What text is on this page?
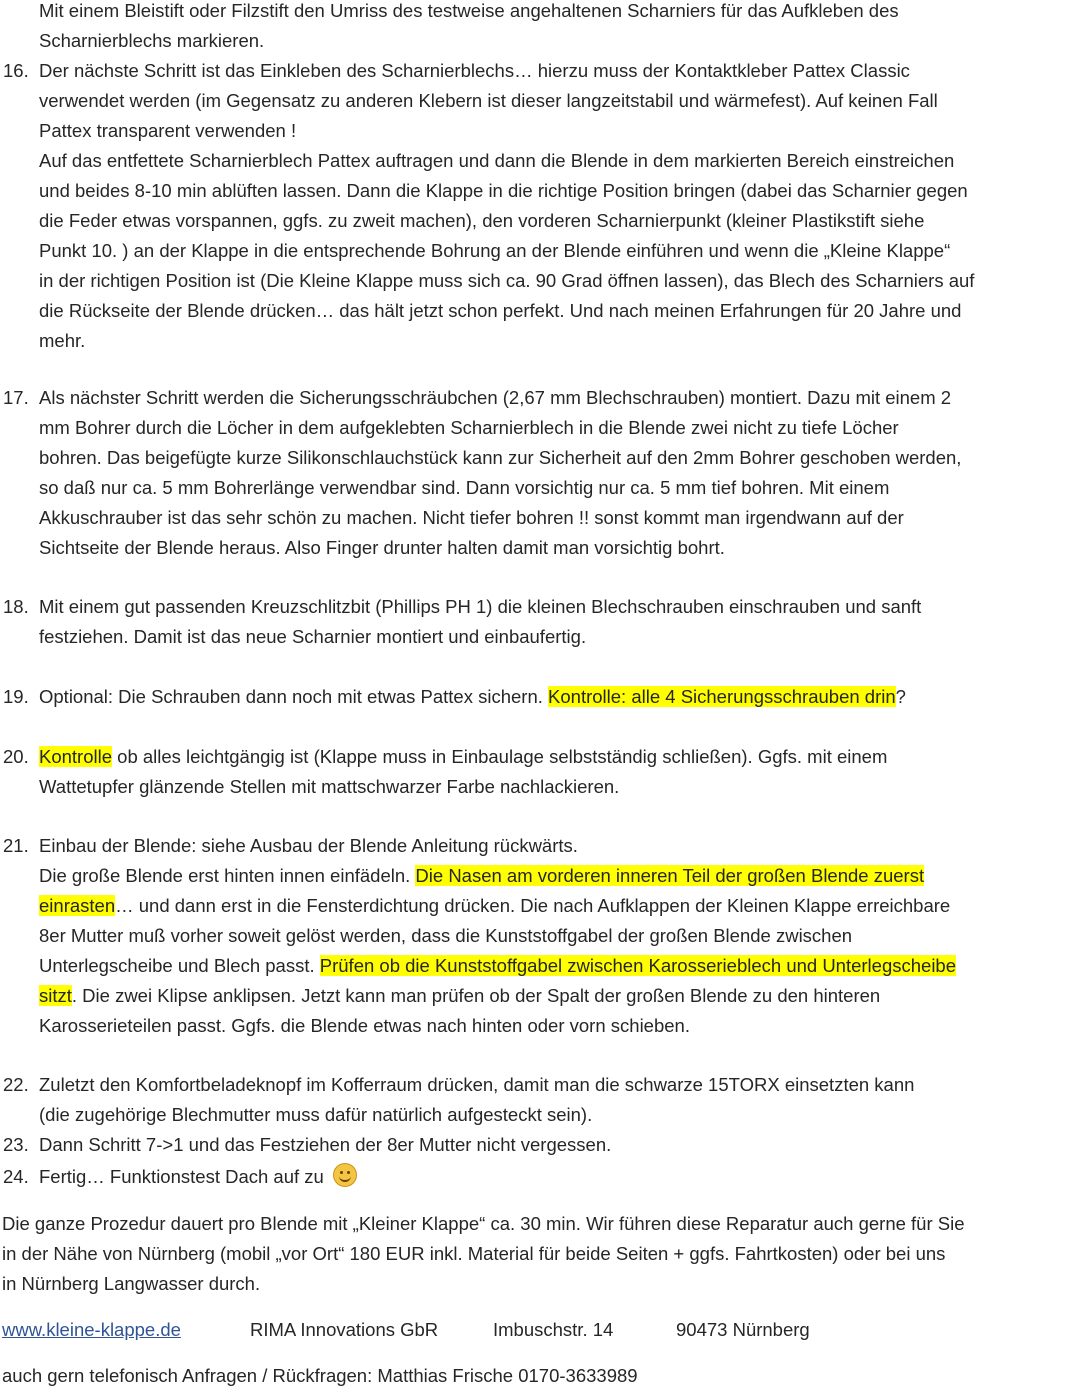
Mit einem Bleistift oder Filzstift den Umriss des testweise angehaltenen Scharniers für das Aufkleben des
Scharnierblechs markieren.
16. Der nächste Schritt ist das Einkleben des Scharnierblechs… hierzu muss der Kontaktkleber Pattex Classic
verwendet werden (im Gegensatz zu anderen Klebern ist dieser langzeitstabil und wärmefest). Auf keinen Fall
Pattex transparent verwenden !
Auf das entfettete Scharnierblech Pattex auftragen und dann die Blende in dem markierten Bereich einstreichen
und beides 8-10 min ablüften lassen. Dann die Klappe in die richtige Position bringen (dabei das Scharnier gegen
die Feder etwas vorspannen, ggfs. zu zweit machen), den vorderen Scharnierpunkt (kleiner Plastikstift siehe
Punkt 10. ) an der Klappe in die entsprechende Bohrung an der Blende einführen und wenn die „Kleine Klappe“
in der richtigen Position ist (Die Kleine Klappe muss sich ca. 90 Grad öffnen lassen), das Blech des Scharniers auf
die Rückseite der Blende drücken… das hält jetzt schon perfekt. Und nach meinen Erfahrungen für 20 Jahre und
mehr.
17. Als nächster Schritt werden die Sicherungsschräubchen (2,67 mm Blechschrauben) montiert. Dazu mit einem 2
mm Bohrer durch die Löcher in dem aufgeklebten Scharnierblech in die Blende zwei nicht zu tiefe Löcher
bohren. Das beigefügte kurze Silikonschlauchstück kann zur Sicherheit auf den 2mm Bohrer geschoben werden,
so daß nur ca. 5 mm Bohrerlänge verwendbar sind. Dann vorsichtig nur ca. 5 mm tief bohren. Mit einem
Akkuschrauber ist das sehr schön zu machen. Nicht tiefer bohren !! sonst kommt man irgendwann auf der
Sichtseite der Blende heraus. Also Finger drunter halten damit man vorsichtig bohrt.
18. Mit einem gut passenden Kreuzschlitzbit (Phillips PH 1) die kleinen Blechschrauben einschrauben und sanft
festziehen. Damit ist das neue Scharnier montiert und einbaufertig.
19. Optional: Die Schrauben dann noch mit etwas Pattex sichern. Kontrolle: alle 4 Sicherungsschrauben drin?
20. Kontrolle ob alles leichtgängig ist (Klappe muss in Einbaulage selbstständig schließen). Ggfs. mit einem
Wattetupfer glänzende Stellen mit mattschwarzer Farbe nachlackieren.
21. Einbau der Blende: siehe Ausbau der Blende Anleitung rückwärts.
Die große Blende erst hinten innen einfädeln. Die Nasen am vorderen inneren Teil der großen Blende zuerst
einrasten… und dann erst in die Fensterdichtung drücken. Die nach Aufklappen der Kleinen Klappe erreichbare
8er Mutter muß vorher soweit gelöst werden, dass die Kunststoffgabel der großen Blende zwischen
Unterlegscheibe und Blech passt. Prüfen ob die Kunststoffgabel zwischen Karosserieblech und Unterlegscheibe
sitzt. Die zwei Klipse anklipsen. Jetzt kann man prüfen ob der Spalt der großen Blende zu den hinteren
Karosserieteilen passt. Ggfs. die Blende etwas nach hinten oder vorn schieben.
22. Zuletzt den Komfortbeladeknopf im Kofferraum drücken, damit man die schwarze 15TORX einsetzten kann
(die zugehörige Blechmutter muss dafür natürlich aufgesteckt sein).
23. Dann Schritt 7->1 und das Festziehen der 8er Mutter nicht vergessen.
24. Fertig… Funktionstest Dach auf zu
Die ganze Prozedur dauert pro Blende mit „Kleiner Klappe“ ca. 30 min. Wir führen diese Reparatur auch gerne für Sie
in der Nähe von Nürnberg (mobil „vor Ort“ 180 EUR inkl. Material für beide Seiten + ggfs. Fahrtkosten) oder bei uns
in Nürnberg Langwasser durch.
www.kleine-klappe.de	RIMA Innovations GbR	Imbuschstr. 14	90473 Nürnberg
auch gern telefonisch Anfragen / Rückfragen: Matthias Frische 0170-3633989
